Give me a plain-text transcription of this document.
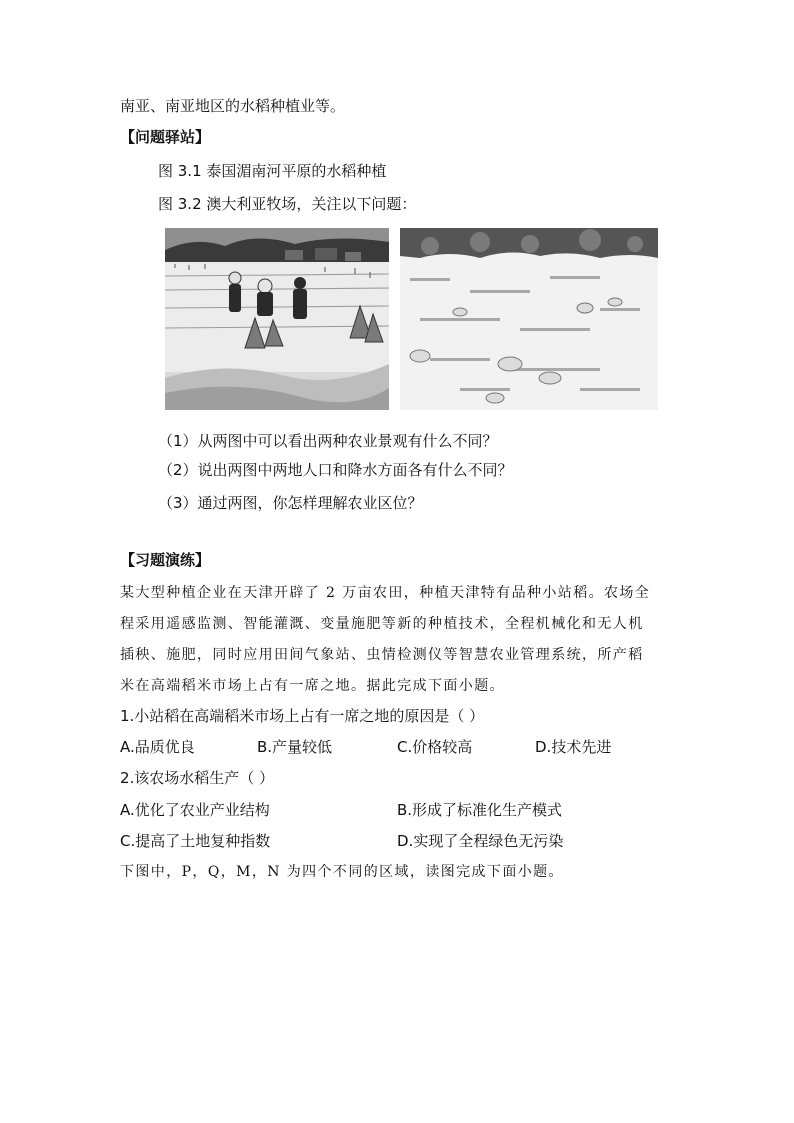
南亚、南亚地区的水稻种植业等。
【问题驿站】
图 3.1 泰国湄南河平原的水稻种植
图 3.2 澳大利亚牧场，关注以下问题：
（1）从两图中可以看出两种农业景观有什么不同？
（2）说出两图中两地人口和降水方面各有什么不同？
（3）通过两图，你怎样理解农业区位？
【习题演练】
某大型种植企业在天津开辟了 2 万亩农田，种植天津特有品种小站稻。农场全
程采用遥感监测、智能灌溉、变量施肥等新的种植技术，全程机械化和无人机
插秧、施肥，同时应用田间气象站、虫情检测仪等智慧农业管理系统，所产稻
米在高端稻米市场上占有一席之地。据此完成下面小题。
1.小站稻在高端稻米市场上占有一席之地的原因是（ ）
A.品质优良	B.产量较低	C.价格较高	D.技术先进
2.该农场水稻生产（ ）
A.优化了农业产业结构	B.形成了标准化生产模式
C.提高了土地复种指数	D.实现了全程绿色无污染
下图中，P，Q，M，N 为四个不同的区域，读图完成下面小题。
